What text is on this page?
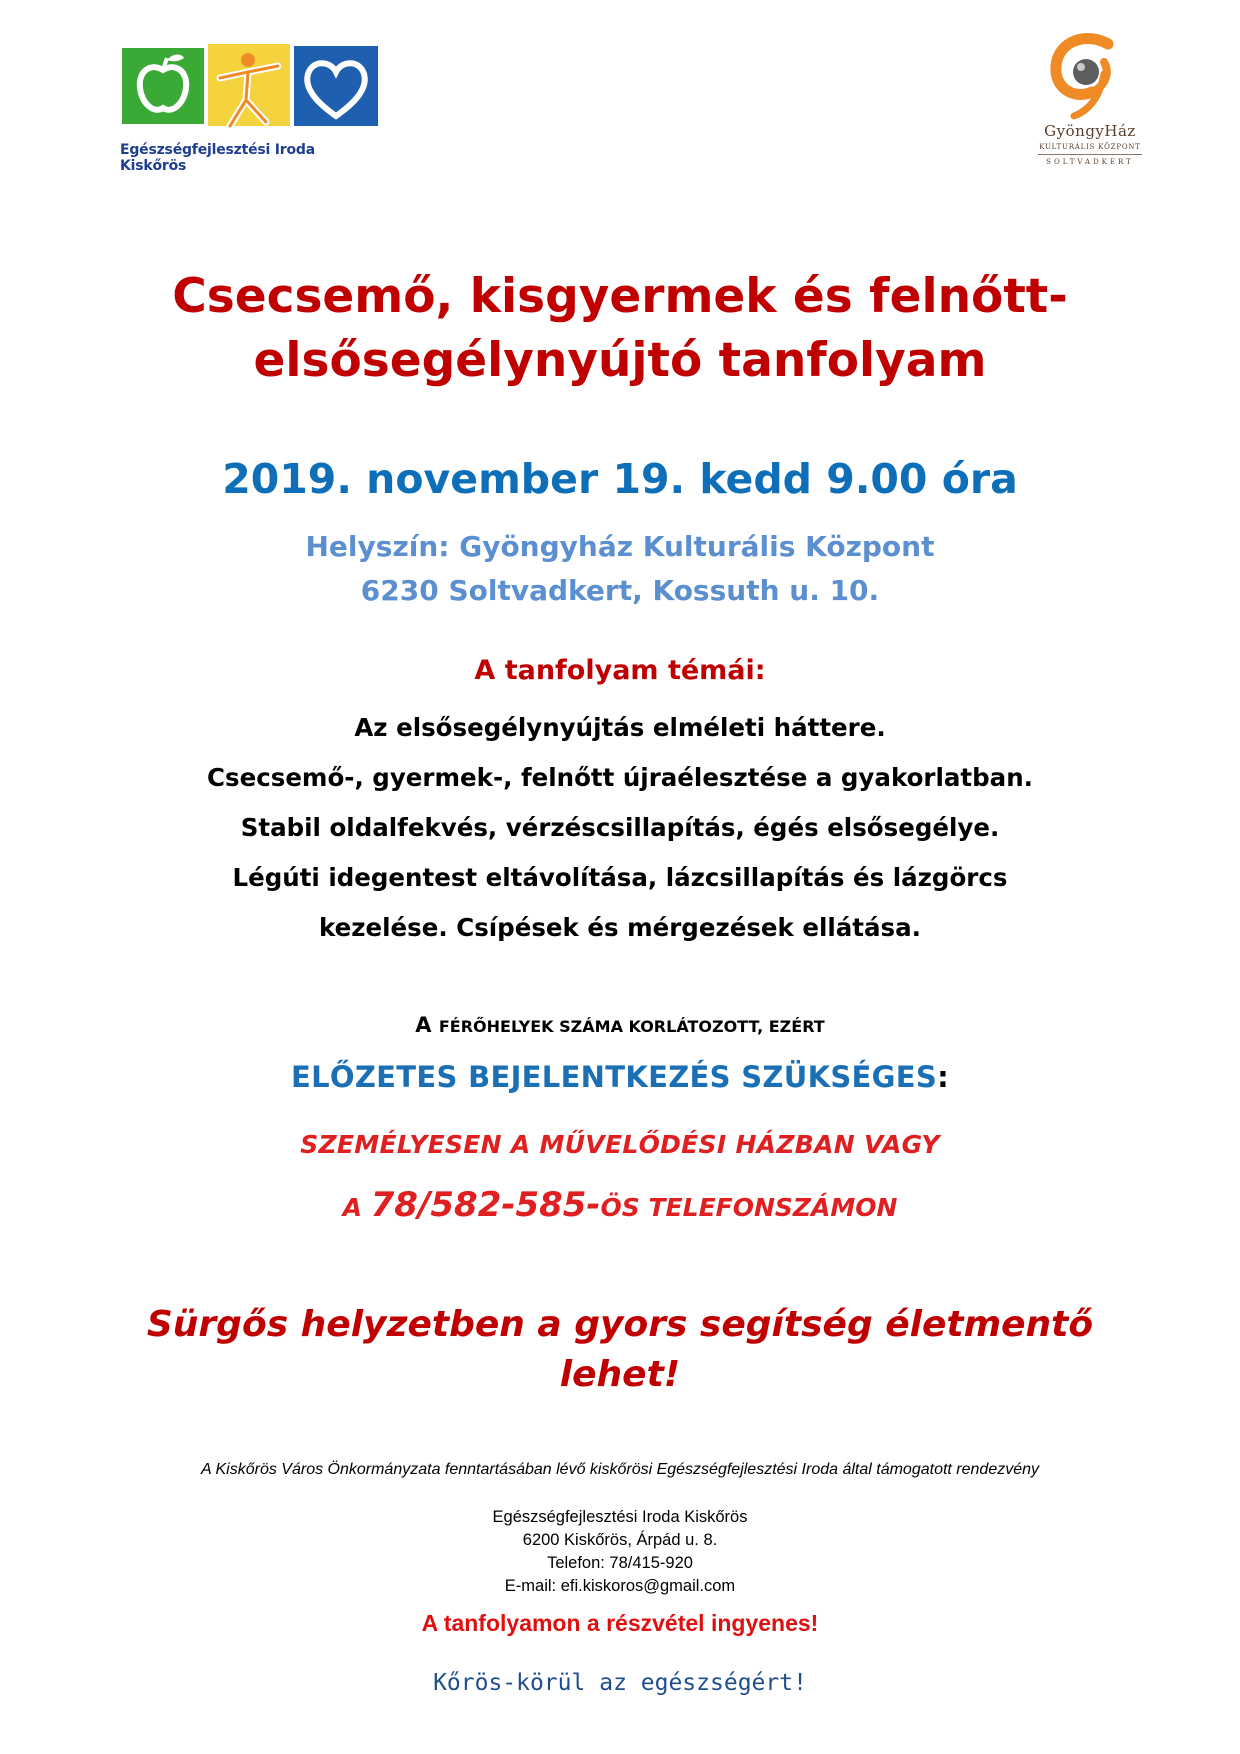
Egészségfejlesztési Iroda Kiskőrös
GyöngyHáz
KULTURÁLIS KÖZPONT
SOLTVADKERT
Csecsemő, kisgyermek és felnőtt-
elsősegélynyújtó tanfolyam
2019. november 19. kedd 9.00 óra
Helyszín: Gyöngyház Kulturális Központ
6230 Soltvadkert, Kossuth u. 10.
A tanfolyam témái:
Az elsősegélynyújtás elméleti háttere.
Csecsemő-, gyermek-, felnőtt újraélesztése a gyakorlatban.
Stabil oldalfekvés, vérzéscsillapítás, égés elsősegélye.
Légúti idegentest eltávolítása, lázcsillapítás és lázgörcs
kezelése. Csípések és mérgezések ellátása.
A FÉRŐHELYEK SZÁMA KORLÁTOZOTT, EZÉRT
ELŐZETES BEJELENTKEZÉS SZÜKSÉGES:
SZEMÉLYESEN A MŰVELŐDÉSI HÁZBAN VAGY
A 78/582-585-ÖS TELEFONSZÁMON
Sürgős helyzetben a gyors segítség életmentő
lehet!
A Kiskőrös Város Önkormányzata fenntartásában lévő kiskőrösi Egészségfejlesztési Iroda által támogatott rendezvény
Egészségfejlesztési Iroda Kiskőrös
6200 Kiskőrös, Árpád u. 8.
Telefon: 78/415-920
E-mail: efi.kiskoros@gmail.com
A tanfolyamon a részvétel ingyenes!
Kőrös-körül az egészségért!
